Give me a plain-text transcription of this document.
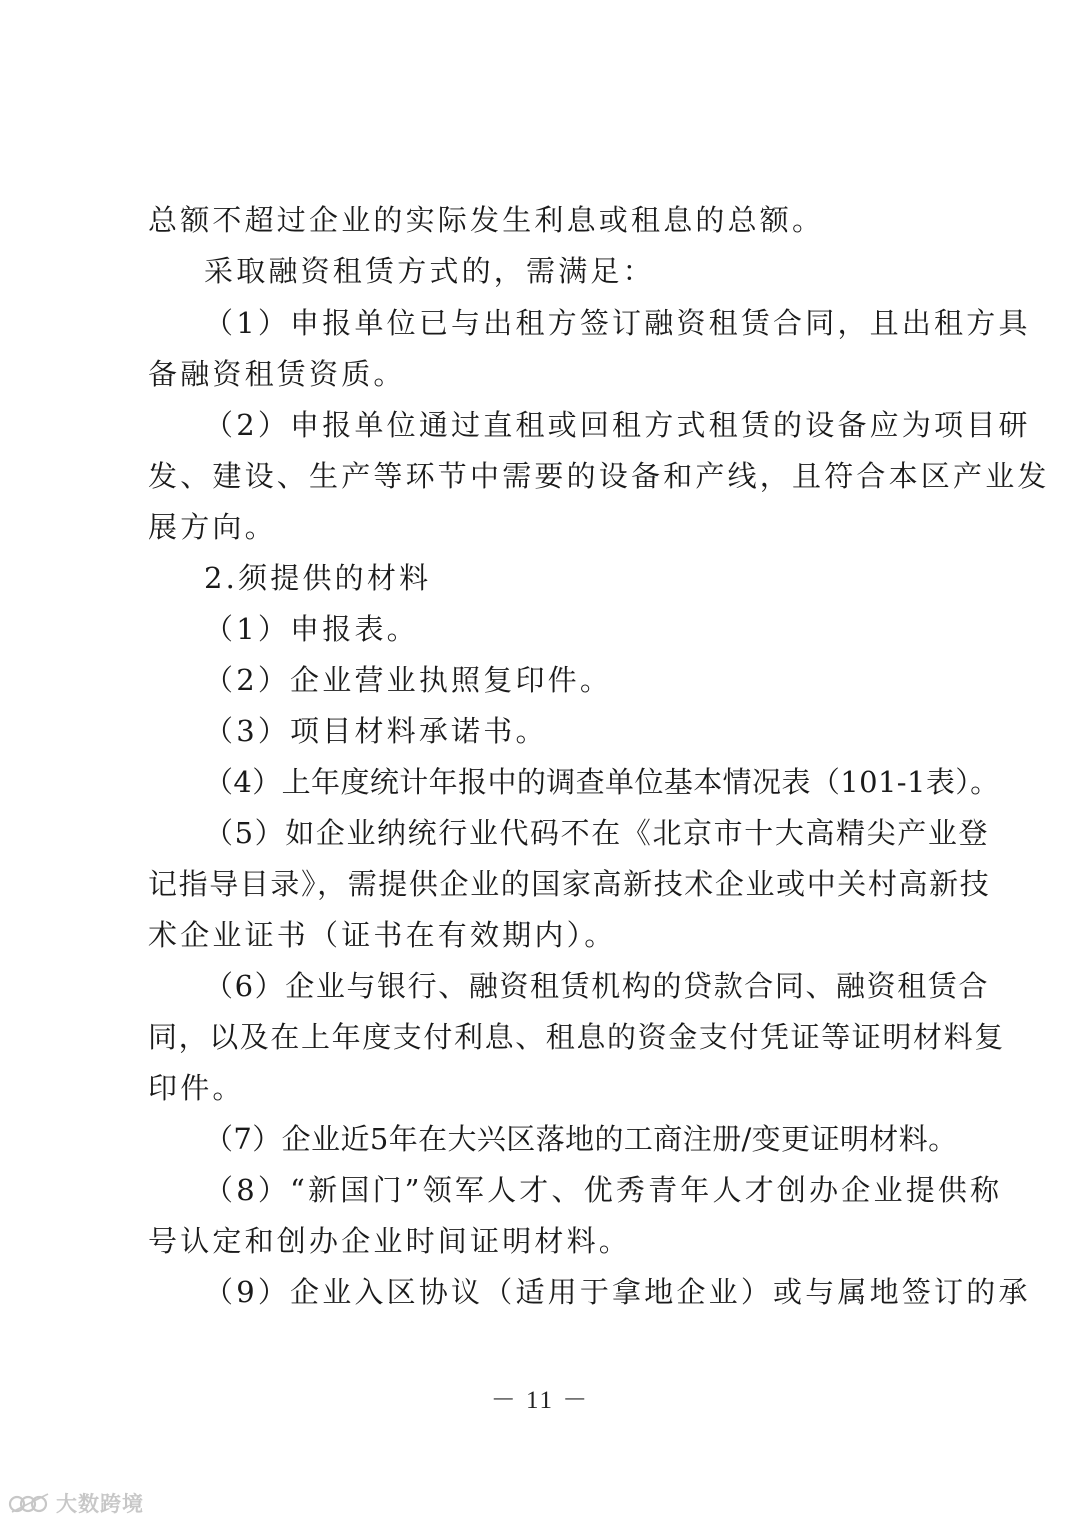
总额不超过企业的实际发生利息或租息的总额。
采取融资租赁方式的，需满足：
（1）申报单位已与出租方签订融资租赁合同，且出租方具
备融资租赁资质。
（2）申报单位通过直租或回租方式租赁的设备应为项目研
发、建设、生产等环节中需要的设备和产线，且符合本区产业发
展方向。
2.须提供的材料
（1）申报表。
（2）企业营业执照复印件。
（3）项目材料承诺书。
（4）上年度统计年报中的调查单位基本情况表（101-1表）。
（5）如企业纳统行业代码不在《北京市十大高精尖产业登
记指导目录》，需提供企业的国家高新技术企业或中关村高新技
术企业证书（证书在有效期内）。
（6）企业与银行、融资租赁机构的贷款合同、融资租赁合
同，以及在上年度支付利息、租息的资金支付凭证等证明材料复
印件。
（7）企业近5年在大兴区落地的工商注册/变更证明材料。
（8）“新国门”领军人才、优秀青年人才创办企业提供称
号认定和创办企业时间证明材料。
（9）企业入区协议（适用于拿地企业）或与属地签订的承
－ 11 －
大数跨境
